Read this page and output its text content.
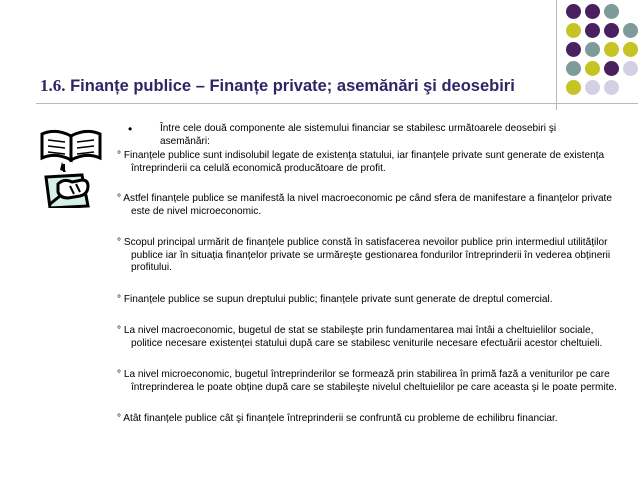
1.6. Finanțe publice – Finanțe private; asemănări şi deosebiri
•	Între cele două componente ale sistemului financiar se stabilesc următoarele deosebiri şi
asemănări:

° Finanțele publice sunt indisolubil legate de existența statului, iar finanțele private sunt generate de existența întreprinderii ca celulă economică producătoare de profit.

° Astfel finanțele publice se manifestă la nivel macroeconomic pe când sfera de manifestare a finanțelor private este de nivel microeconomic.

° Scopul principal urmărit de finanțele publice constă în satisfacerea nevoilor publice prin intermediul utilităților publice iar în situația finanțelor private se urmăreşte gestionarea fondurilor întreprinderii în vederea obținerii profitului.

° Finanțele publice se supun dreptului public; finanțele private sunt generate de dreptul comercial.

° La nivel macroeconomic, bugetul de stat se stabileşte prin fundamentarea mai întâi a cheltuielilor sociale, politice necesare existenței statului după care se stabilesc veniturile necesare efectuării acestor cheltuieli.

° La nivel microeconomic, bugetul întreprinderilor se formează prin stabilirea în primă fază a veniturilor pe care întreprinderea le poate obține după care se stabileşte nivelul cheltuielilor pe care aceasta şi le poate permite.

° Atât finanțele publice cât şi finanțele întreprinderii se confruntă cu probleme de echilibru financiar.
